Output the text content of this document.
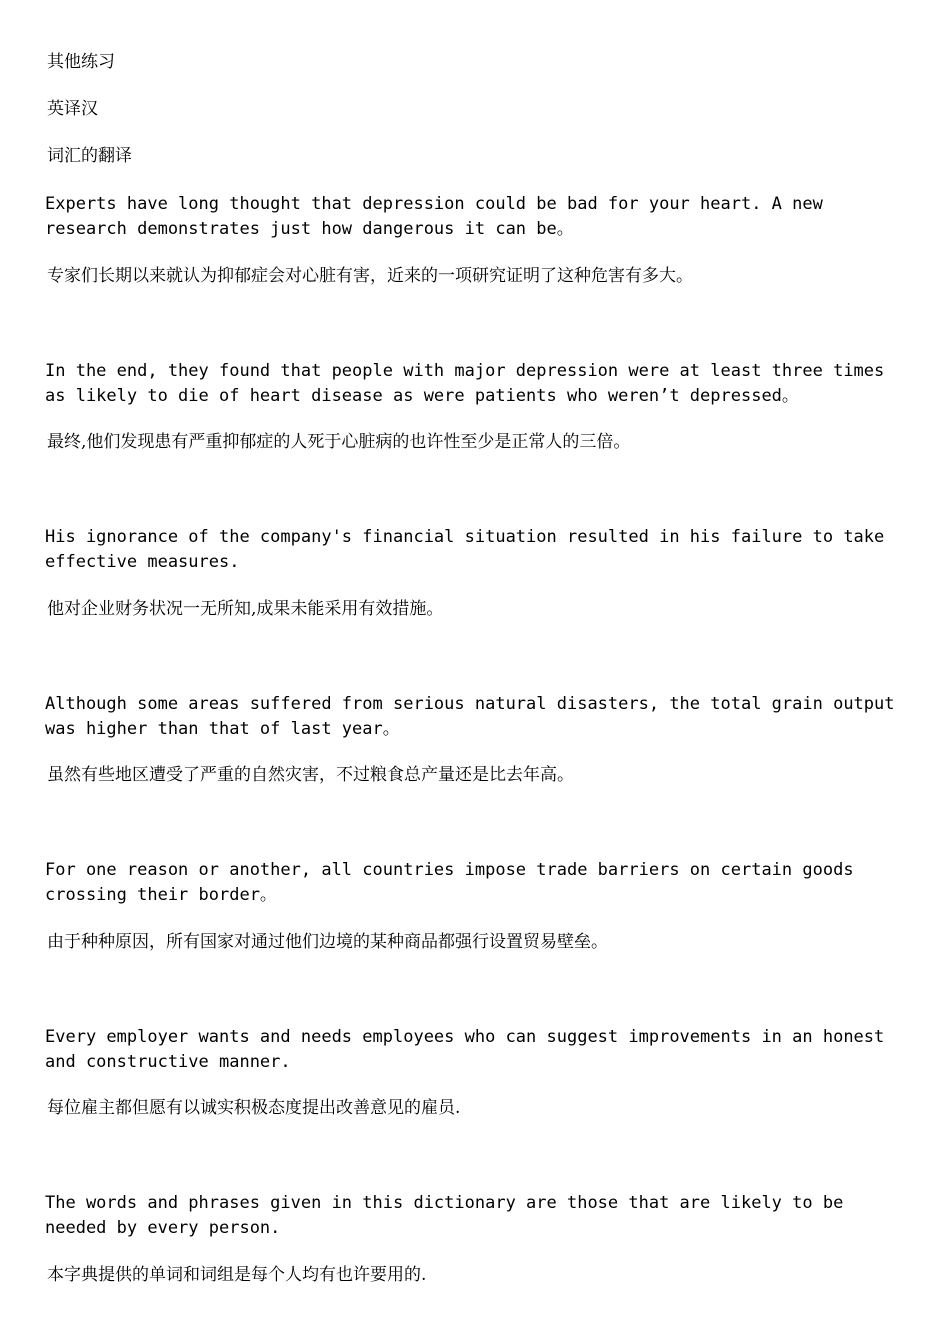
其他练习

英译汉

词汇的翻译

Experts have long thought that depression could be bad for your heart. A new research demonstrates just how dangerous it can be。

专家们长期以来就认为抑郁症会对心脏有害，近来的一项研究证明了这种危害有多大。

In the end, they found that people with major depression were at least three times as likely to die of heart disease as were patients who weren’t depressed。

最终,他们发现患有严重抑郁症的人死于心脏病的也许性至少是正常人的三倍。

His ignorance of the company's financial situation resulted in his failure to take effective measures.

他对企业财务状况一无所知,成果未能采用有效措施。

Although some areas suffered from serious natural disasters, the total grain output was higher than that of last year。

虽然有些地区遭受了严重的自然灾害，不过粮食总产量还是比去年高。

For one reason or another, all countries impose trade barriers on certain goods crossing their border。

由于种种原因，所有国家对通过他们边境的某种商品都强行设置贸易壁垒。

Every employer wants and needs employees who can suggest improvements in an honest and constructive manner.

每位雇主都但愿有以诚实积极态度提出改善意见的雇员.

The words and phrases given in this dictionary are those that are likely to be needed by every person.

本字典提供的单词和词组是每个人均有也许要用的.
